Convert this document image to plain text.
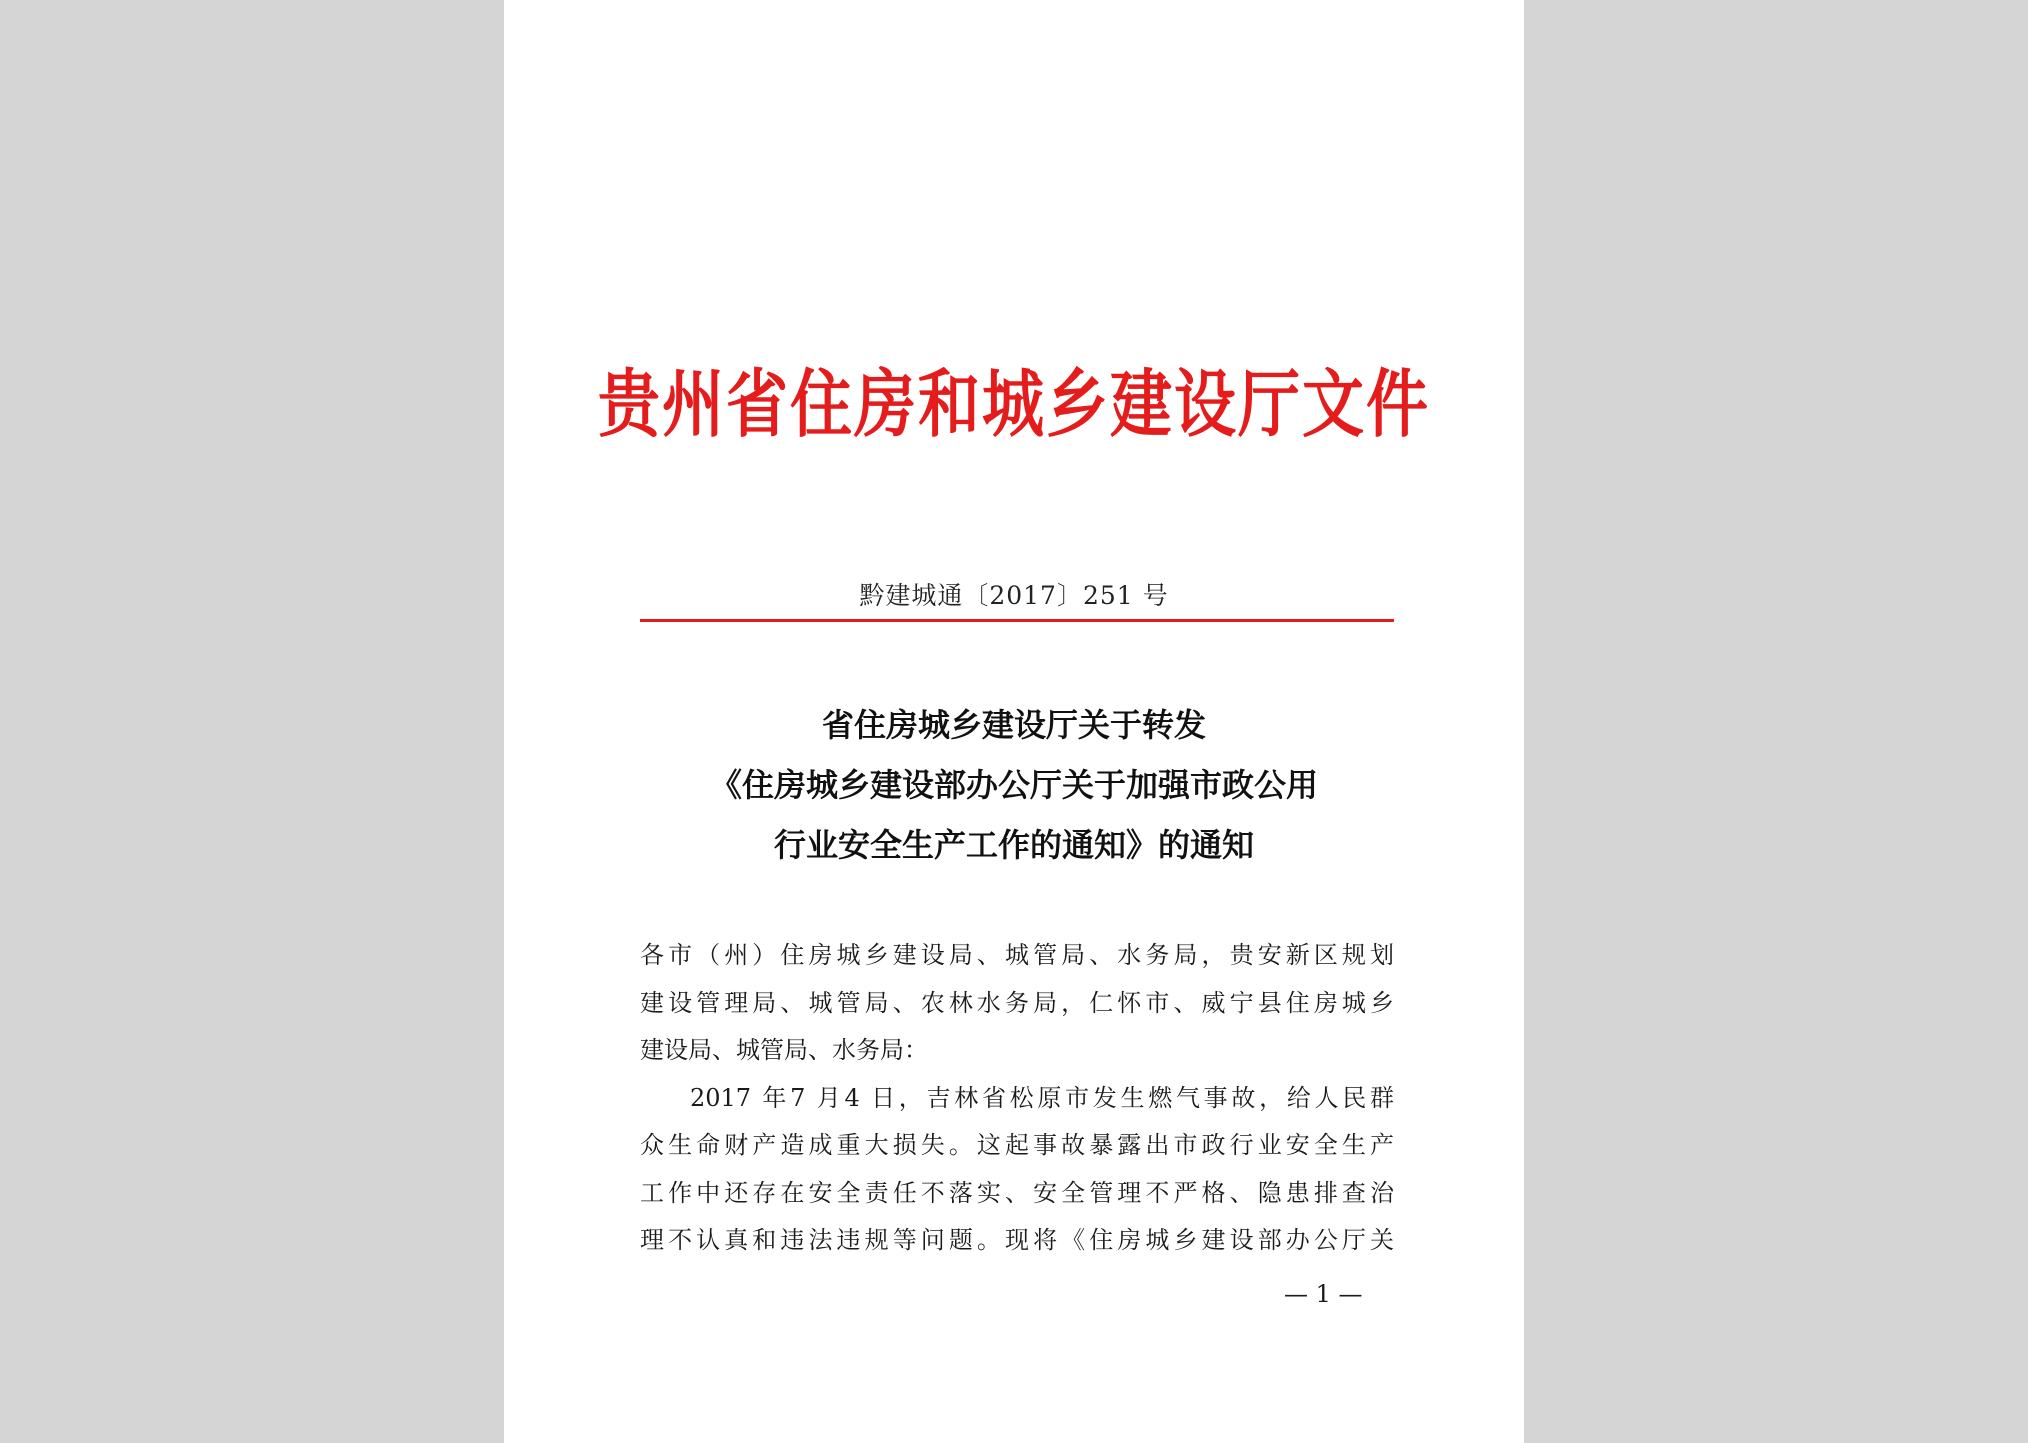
贵州省住房和城乡建设厅文件
黔建城通〔2017〕251 号
省住房城乡建设厅关于转发
《住房城乡建设部办公厅关于加强市政公用
行业安全生产工作的通知》的通知
各市（州）住房城乡建设局、城管局、水务局，贵安新区规划
建设管理局、城管局、农林水务局，仁怀市、威宁县住房城乡
建设局、城管局、水务局：
2017 年7 月4 日，吉林省松原市发生燃气事故，给人民群
众生命财产造成重大损失。这起事故暴露出市政行业安全生产
工作中还存在安全责任不落实、安全管理不严格、隐患排查治
理不认真和违法违规等问题。现将《住房城乡建设部办公厅关
— 1 —
